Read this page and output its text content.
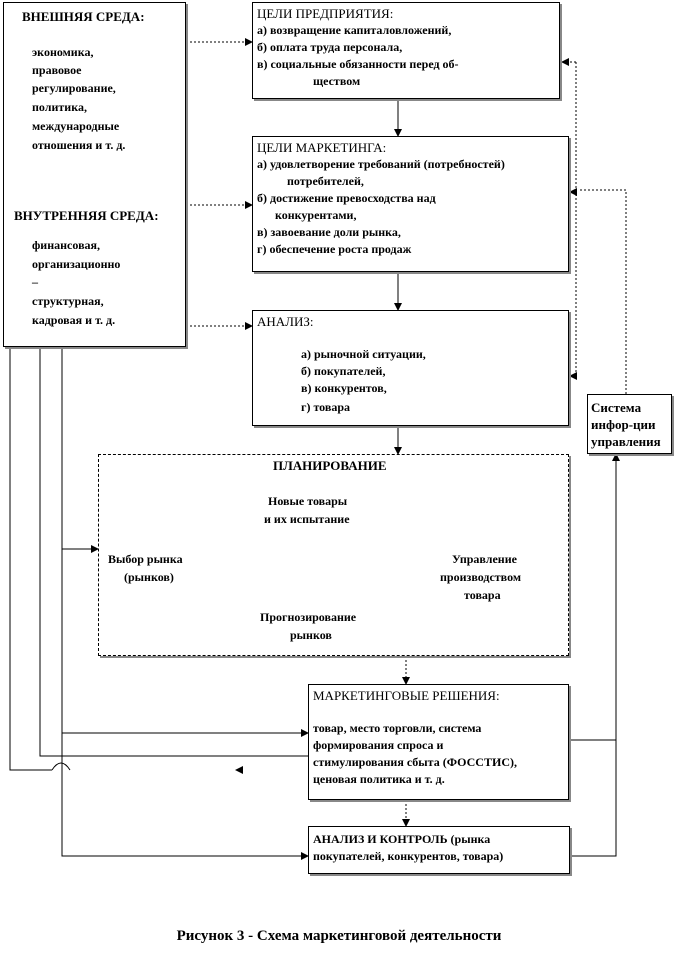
ВНЕШНЯЯ СРЕДА:
экономика,
правовое
регулирование,
политика,
международные
отношения и т. д.
ВНУТРЕННЯЯ СРЕДА:
финансовая,
организационно
–
структурная,
кадровая и т. д.
ЦЕЛИ ПРЕДПРИЯТИЯ:
а) возвращение капиталовложений,
б) оплата труда персонала,
в) социальные обязанности перед об-
ществом
ЦЕЛИ МАРКЕТИНГА:
а) удовлетворение требований (потребностей)
потребителей,
б) достижение превосходства над
конкурентами,
в) завоевание доли рынка,
г) обеспечение роста продаж
АНАЛИЗ:
а) рыночной ситуации,
б) покупателей,
в) конкурентов,
г) товара	Система
инфор-ции
управления
ПЛАНИРОВАНИЕ
Новые товары
и их испытание
Выбор рынка
(рынков)
Управление
производством
товара
Прогнозирование
рынков
МАРКЕТИНГОВЫЕ РЕШЕНИЯ:
товар, место торговли, система
формирования спроса и
стимулирования сбыта (ФОССТИС),
ценовая политика и т. д.
АНАЛИЗ И КОНТРОЛЬ (рынка
покупателей, конкурентов, товара)
Рисунок 3 - Схема маркетинговой деятельности
